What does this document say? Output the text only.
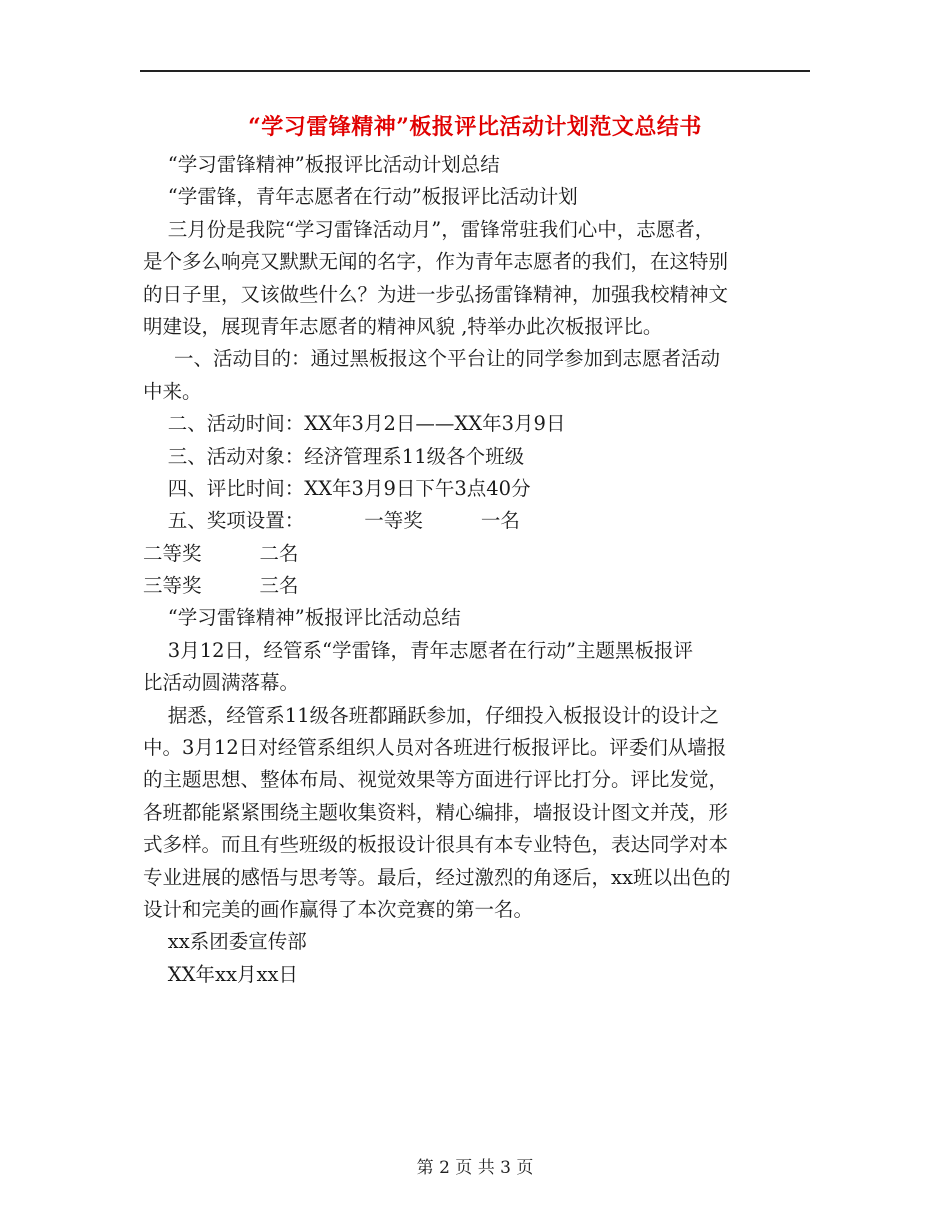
“学习雷锋精神”板报评比活动计划范文总结书
“学习雷锋精神”板报评比活动计划总结
“学雷锋，青年志愿者在行动”板报评比活动计划
三月份是我院“学习雷锋活动月”，雷锋常驻我们心中，志愿者，
是个多么响亮又默默无闻的名字，作为青年志愿者的我们，在这特别
的日子里，又该做些什么？为进一步弘扬雷锋精神，加强我校精神文
明建设，展现青年志愿者的精神风貌 ,特举办此次板报评比。
一、活动目的：通过黑板报这个平台让的同学参加到志愿者活动
中来。
二、活动时间：XX年3月2日——XX年3月9日
三、活动对象：经济管理系11级各个班级
四、评比时间：XX年3月9日下午3点40分
五、奖项设置：	一等奖	一名
二等奖	二名
三等奖	三名
“学习雷锋精神”板报评比活动总结
3月12日，经管系“学雷锋，青年志愿者在行动”主题黑板报评
比活动圆满落幕。
据悉，经管系11级各班都踊跃参加，仔细投入板报设计的设计之
中。3月12日对经管系组织人员对各班进行板报评比。评委们从墙报
的主题思想、整体布局、视觉效果等方面进行评比打分。评比发觉，
各班都能紧紧围绕主题收集资料，精心编排，墙报设计图文并茂，形
式多样。而且有些班级的板报设计很具有本专业特色，表达同学对本
专业进展的感悟与思考等。最后，经过激烈的角逐后，xx班以出色的
设计和完美的画作赢得了本次竞赛的第一名。
xx系团委宣传部
XX年xx月xx日
第 2 页 共 3 页
